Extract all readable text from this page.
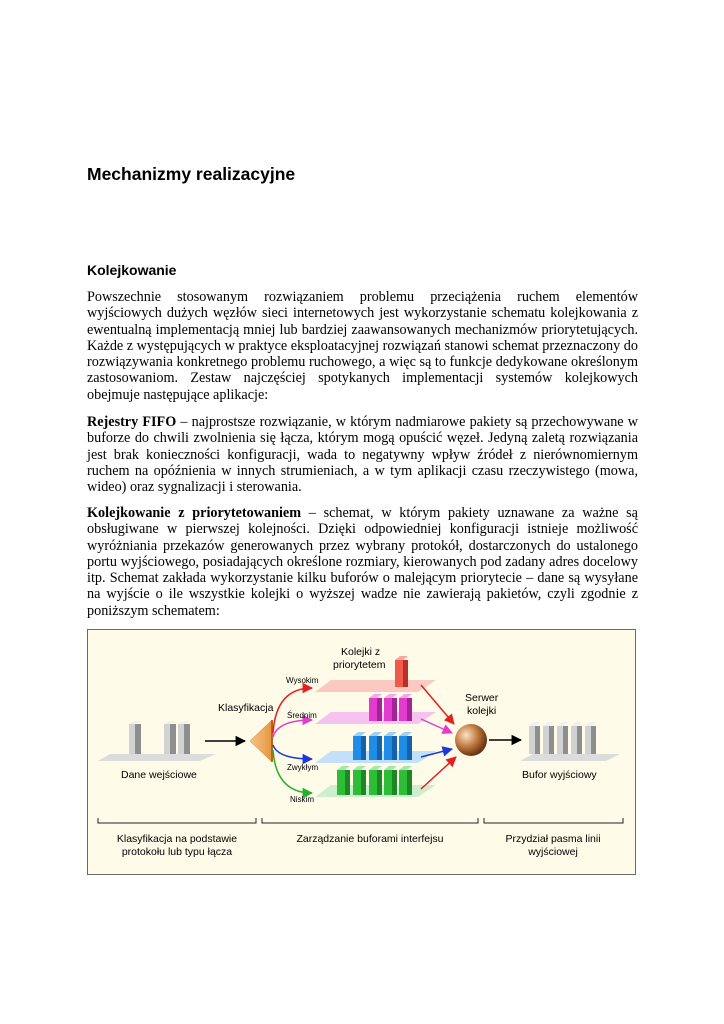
Mechanizmy realizacyjne
Kolejkowanie

Powszechnie stosowanym rozwiązaniem problemu przeciążenia ruchem elementów wyjściowych dużych węzłów sieci internetowych jest wykorzystanie schematu kolejkowania z ewentualną implementacją mniej lub bardziej zaawansowanych mechanizmów priorytetujących. Każde z występujących w praktyce eksploatacyjnej rozwiązań stanowi schemat przeznaczony do rozwiązywania konkretnego problemu ruchowego, a więc są to funkcje dedykowane określonym zastosowaniom. Zestaw najczęściej spotykanych implementacji systemów kolejkowych obejmuje następujące aplikacje:

Rejestry FIFO – najprostsze rozwiązanie, w którym nadmiarowe pakiety są przechowywane w buforze do chwili zwolnienia się łącza, którym mogą opuścić węzeł. Jedyną zaletą rozwiązania jest brak konieczności konfiguracji, wada to negatywny wpływ źródeł z nierównomiernym ruchem na opóźnienia w innych strumieniach, a w tym aplikacji czasu rzeczywistego (mowa, wideo) oraz sygnalizacji i sterowania.

Kolejkowanie z priorytetowaniem – schemat, w którym pakiety uznawane za ważne są obsługiwane w pierwszej kolejności. Dzięki odpowiedniej konfiguracji istnieje możliwość wyróżniania przekazów generowanych przez wybrany protokół, dostarczonych do ustalonego portu wyjściowego, posiadających określone rozmiary, kierowanych pod zadany adres docelowy itp. Schemat zakłada wykorzystanie kilku buforów o malejącym priorytecie – dane są wysyłane na wyjście o ile wszystkie kolejki o wyższej wadze nie zawierają pakietów, czyli zgodnie z poniższym schematem:

Dane wejściowe
Klasyfikacja
Kolejki z
priorytetem
Wysokim
Średnim
Zwykłym
Niskim
Serwer
kolejki
Bufor wyjściowy
Klasyfikacja na podstawie
protokołu lub typu łącza
Zarządzanie buforami interfejsu	Przydział pasma linii
wyjściowej
